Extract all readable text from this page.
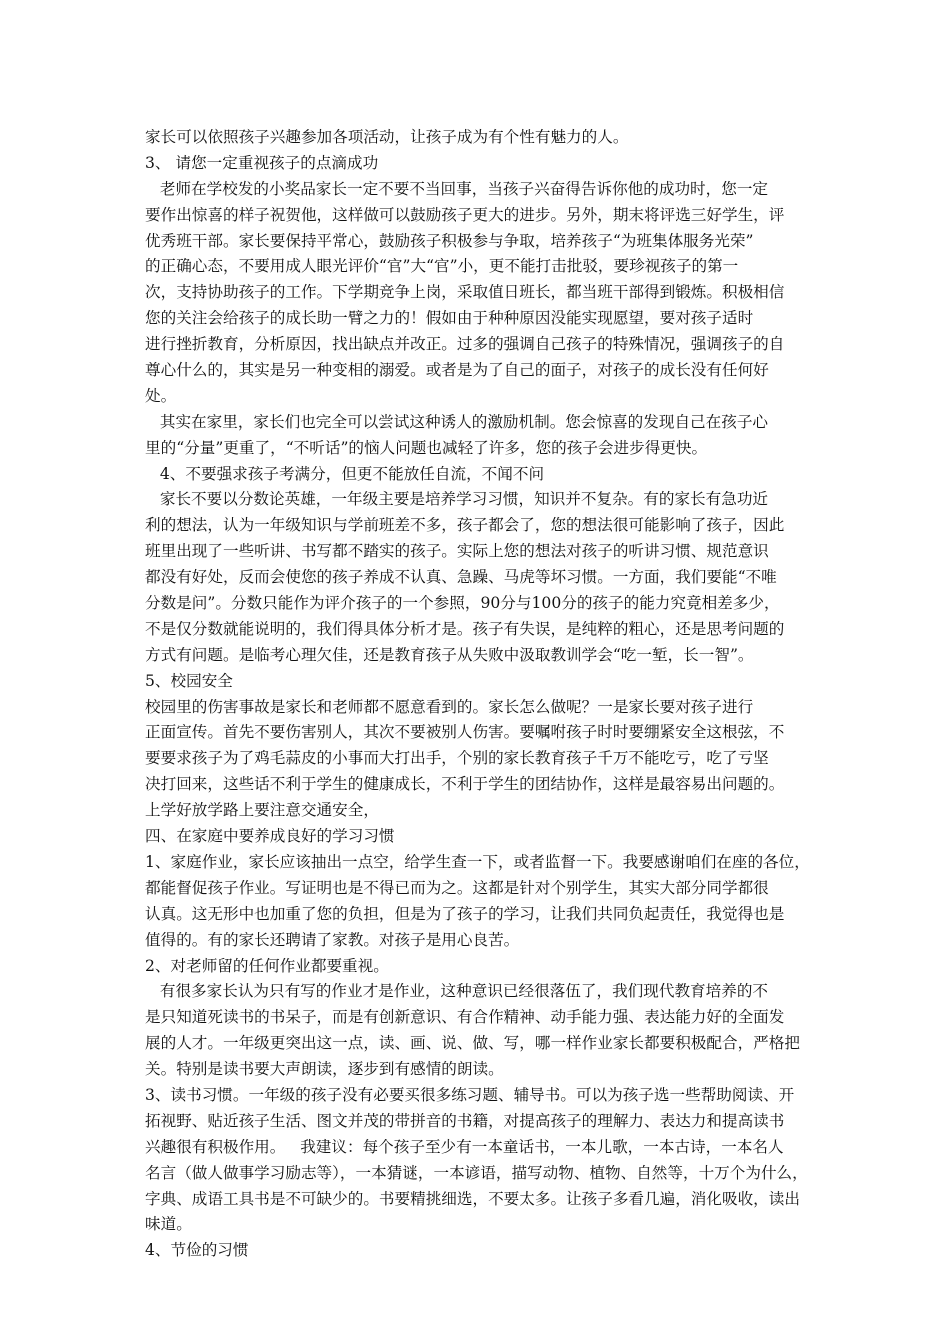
家长可以依照孩子兴趣参加各项活动，让孩子成为有个性有魅力的人。
3、 请您一定重视孩子的点滴成功
老师在学校发的小奖品家长一定不要不当回事，当孩子兴奋得告诉你他的成功时，您一定
要作出惊喜的样子祝贺他，这样做可以鼓励孩子更大的进步。另外，期末将评选三好学生，评
优秀班干部。家长要保持平常心，鼓励孩子积极参与争取，培养孩子“为班集体服务光荣”
的正确心态，不要用成人眼光评价“官”大“官”小，更不能打击批驳，要珍视孩子的第一
次，支持协助孩子的工作。下学期竞争上岗，采取值日班长，都当班干部得到锻炼。积极相信
您的关注会给孩子的成长助一臂之力的！假如由于种种原因没能实现愿望，要对孩子适时
进行挫折教育，分析原因，找出缺点并改正。过多的强调自己孩子的特殊情况，强调孩子的自
尊心什么的，其实是另一种变相的溺爱。或者是为了自己的面子，对孩子的成长没有任何好
处。
其实在家里，家长们也完全可以尝试这种诱人的激励机制。您会惊喜的发现自己在孩子心
里的“分量”更重了，“不听话”的恼人问题也减轻了许多，您的孩子会进步得更快。
4、不要强求孩子考满分，但更不能放任自流，不闻不问
家长不要以分数论英雄，一年级主要是培养学习习惯，知识并不复杂。有的家长有急功近
利的想法，认为一年级知识与学前班差不多，孩子都会了，您的想法很可能影响了孩子，因此
班里出现了一些听讲、书写都不踏实的孩子。实际上您的想法对孩子的听讲习惯、规范意识
都没有好处，反而会使您的孩子养成不认真、急躁、马虎等坏习惯。一方面，我们要能“不唯
分数是问”。分数只能作为评介孩子的一个参照，90分与100分的孩子的能力究竟相差多少，
不是仅分数就能说明的，我们得具体分析才是。孩子有失误，是纯粹的粗心，还是思考问题的
方式有问题。是临考心理欠佳，还是教育孩子从失败中汲取教训学会“吃一堑，长一智”。
5、校园安全
校园里的伤害事故是家长和老师都不愿意看到的。家长怎么做呢？一是家长要对孩子进行
正面宣传。首先不要伤害别人，其次不要被别人伤害。要嘱咐孩子时时要绷紧安全这根弦，不
要要求孩子为了鸡毛蒜皮的小事而大打出手，个别的家长教育孩子千万不能吃亏，吃了亏坚
决打回来，这些话不利于学生的健康成长，不利于学生的团结协作，这样是最容易出问题的。
上学好放学路上要注意交通安全，
四、在家庭中要养成良好的学习习惯
1、家庭作业，家长应该抽出一点空，给学生查一下，或者监督一下。我要感谢咱们在座的各位，
都能督促孩子作业。写证明也是不得已而为之。这都是针对个别学生，其实大部分同学都很
认真。这无形中也加重了您的负担，但是为了孩子的学习，让我们共同负起责任，我觉得也是
值得的。有的家长还聘请了家教。对孩子是用心良苦。
2、对老师留的任何作业都要重视。
有很多家长认为只有写的作业才是作业，这种意识已经很落伍了，我们现代教育培养的不
是只知道死读书的书呆子，而是有创新意识、有合作精神、动手能力强、表达能力好的全面发
展的人才。一年级更突出这一点，读、画、说、做、写，哪一样作业家长都要积极配合，严格把
关。特别是读书要大声朗读，逐步到有感情的朗读。
3、读书习惯。一年级的孩子没有必要买很多练习题、辅导书。可以为孩子选一些帮助阅读、开
拓视野、贴近孩子生活、图文并茂的带拼音的书籍，对提高孩子的理解力、表达力和提高读书
兴趣很有积极作用。   我建议：每个孩子至少有一本童话书，一本儿歌，一本古诗，一本名人
名言（做人做事学习励志等），一本猜谜，一本谚语，描写动物、植物、自然等，十万个为什么，
字典、成语工具书是不可缺少的。书要精挑细选，不要太多。让孩子多看几遍，消化吸收，读出
味道。
4、节俭的习惯
